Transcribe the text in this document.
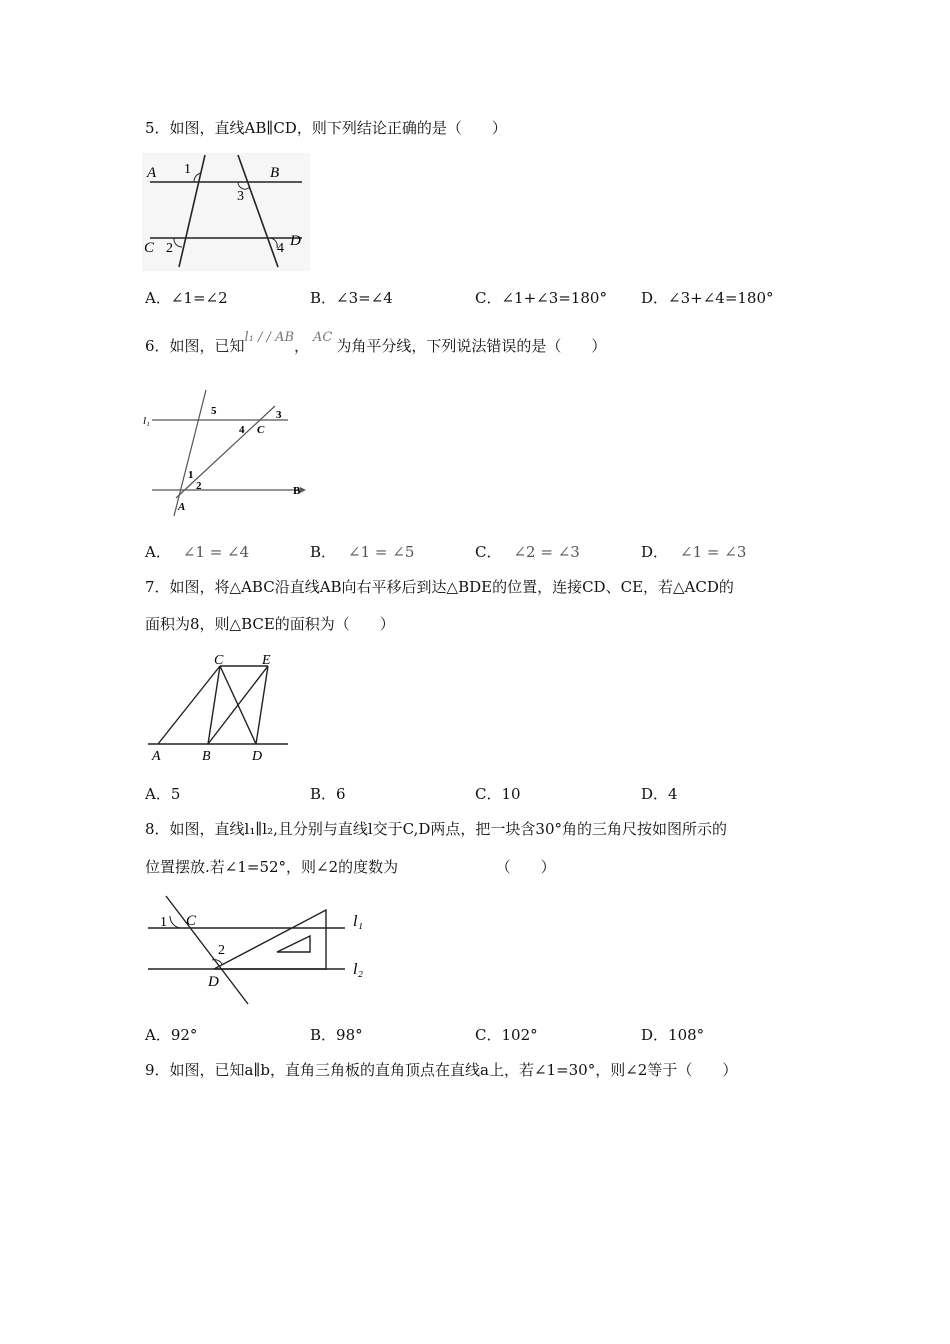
5．如图，直线AB∥CD，则下列结论正确的是（　　）
A	B
C	D
1
2
3
4
A．∠1=∠2	B．∠3=∠4	C．∠1+∠3=180° D．∠3+∠4=180°
6．如图，已知l₁ / / AB， AC 为角平分线，下列说法错误的是（　　）
l₁
B
A
C
1
2
3
4
5
A． ∠1 = ∠4	B． ∠1 = ∠5	C． ∠2 = ∠3	D． ∠1 = ∠3
7．如图，将△ABC沿直线AB向右平移后到达△BDE的位置，连接CD、CE，若△ACD的
面积为8，则△BCE的面积为（　　）
A	B	D
C	E
A．5	B．6	C．10	D．4
8．如图，直线l₁∥l₂,且分别与直线l交于C,D两点，把一块含30°角的三角尺按如图所示的
位置摆放.若∠1=52°，则∠2的度数为　　　　　　　（　　）
1 C
2
D
l₁
l₂
A．92°	B．98°	C．102°	D．108°
9．如图，已知a∥b，直角三角板的直角顶点在直线a上，若∠1=30°，则∠2等于（　　）
